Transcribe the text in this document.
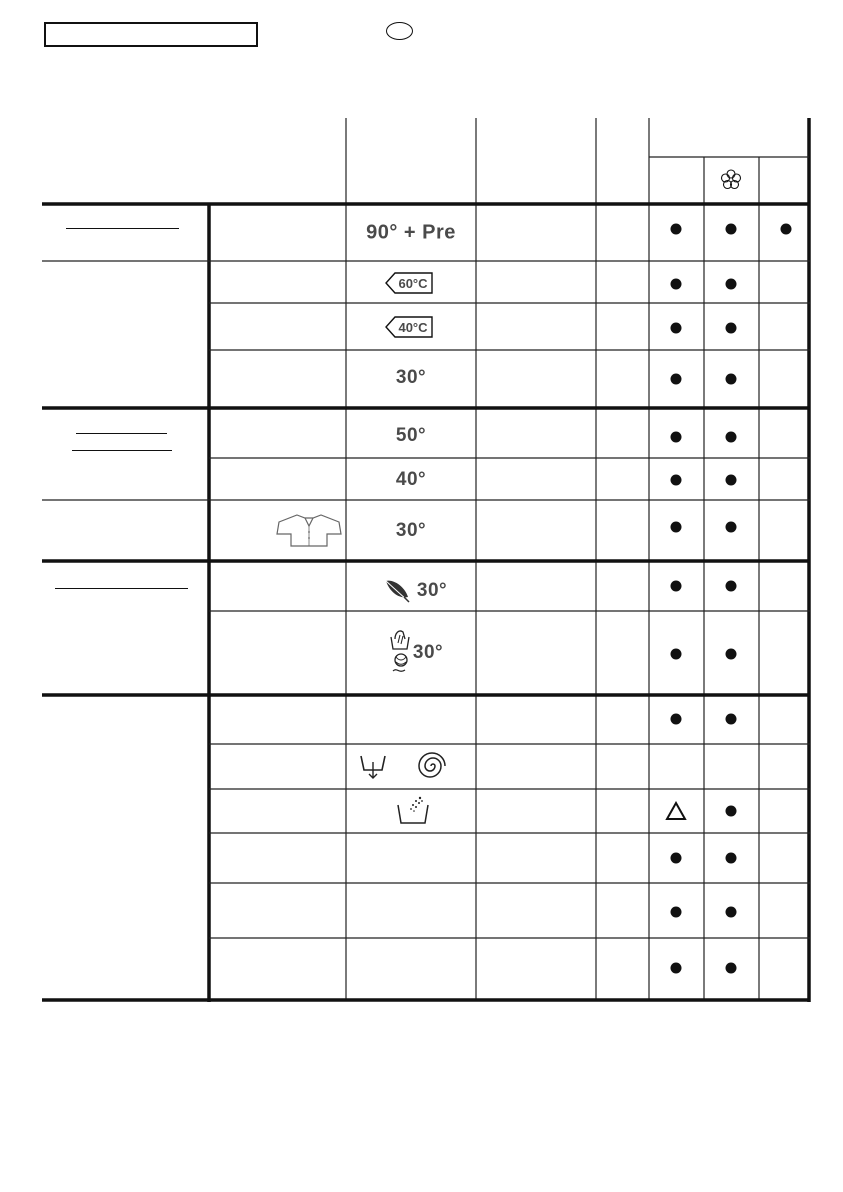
90° + Pre
60°C
40°C
30°
50°
40°
30°
30°
30°
